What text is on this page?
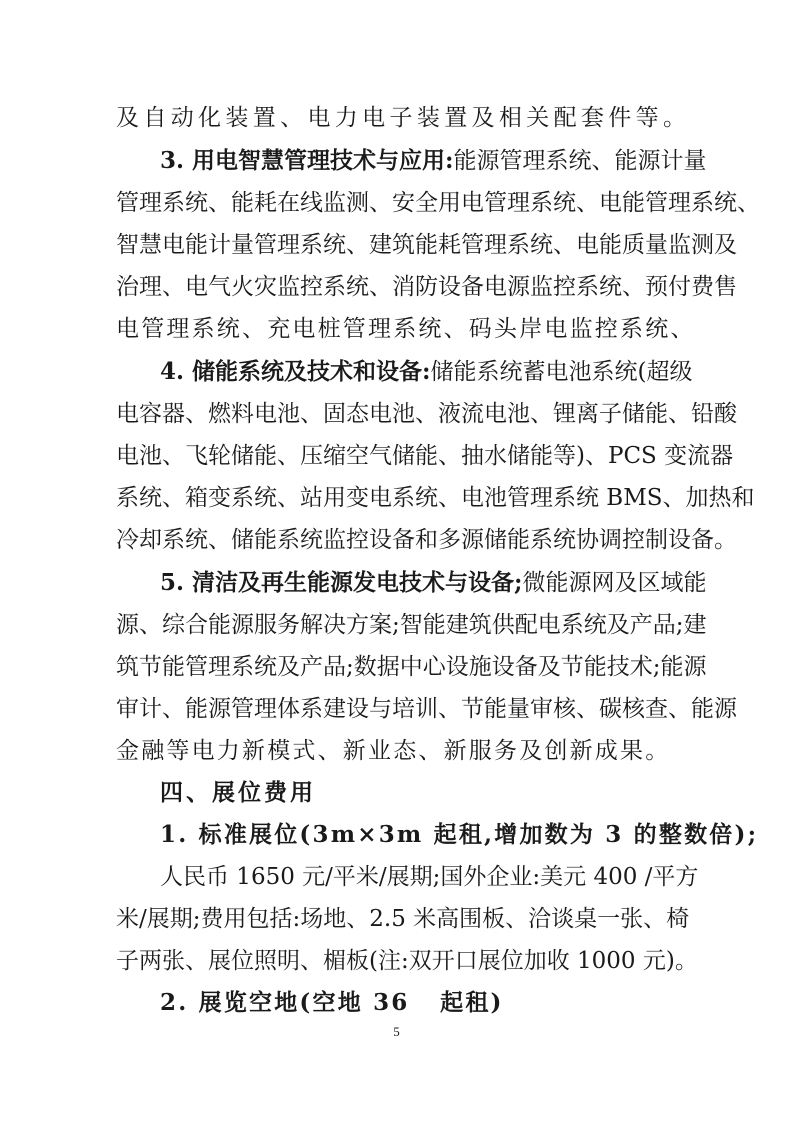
及自动化装置、电力电子装置及相关配套件等。
3. 用电智慧管理技术与应用:能源管理系统、能源计量
管理系统、能耗在线监测、安全用电管理系统、电能管理系统、
智慧电能计量管理系统、建筑能耗管理系统、电能质量监测及
治理、电气火灾监控系统、消防设备电源监控系统、预付费售
电管理系统、充电桩管理系统、码头岸电监控系统、
4. 储能系统及技术和设备:储能系统蓄电池系统(超级
电容器、燃料电池、固态电池、液流电池、锂离子储能、铅酸
电池、飞轮储能、压缩空气储能、抽水储能等)、PCS 变流器
系统、箱变系统、站用变电系统、电池管理系统 BMS、加热和
冷却系统、储能系统监控设备和多源储能系统协调控制设备。
5. 清洁及再生能源发电技术与设备;微能源网及区域能
源、综合能源服务解决方案;智能建筑供配电系统及产品;建
筑节能管理系统及产品;数据中心设施设备及节能技术;能源
审计、能源管理体系建设与培训、节能量审核、碳核查、能源
金融等电力新模式、新业态、新服务及创新成果。
四、展位费用
1. 标准展位(3m×3m 起租,增加数为 3 的整数倍);
人民币 1650 元/平米/展期;国外企业:美元 400 /平方
米/展期;费用包括:场地、2.5 米高围板、洽谈桌一张、椅
子两张、展位照明、楣板(注:双开口展位加收 1000 元)。
2. 展览空地(空地 36   起租)
5
